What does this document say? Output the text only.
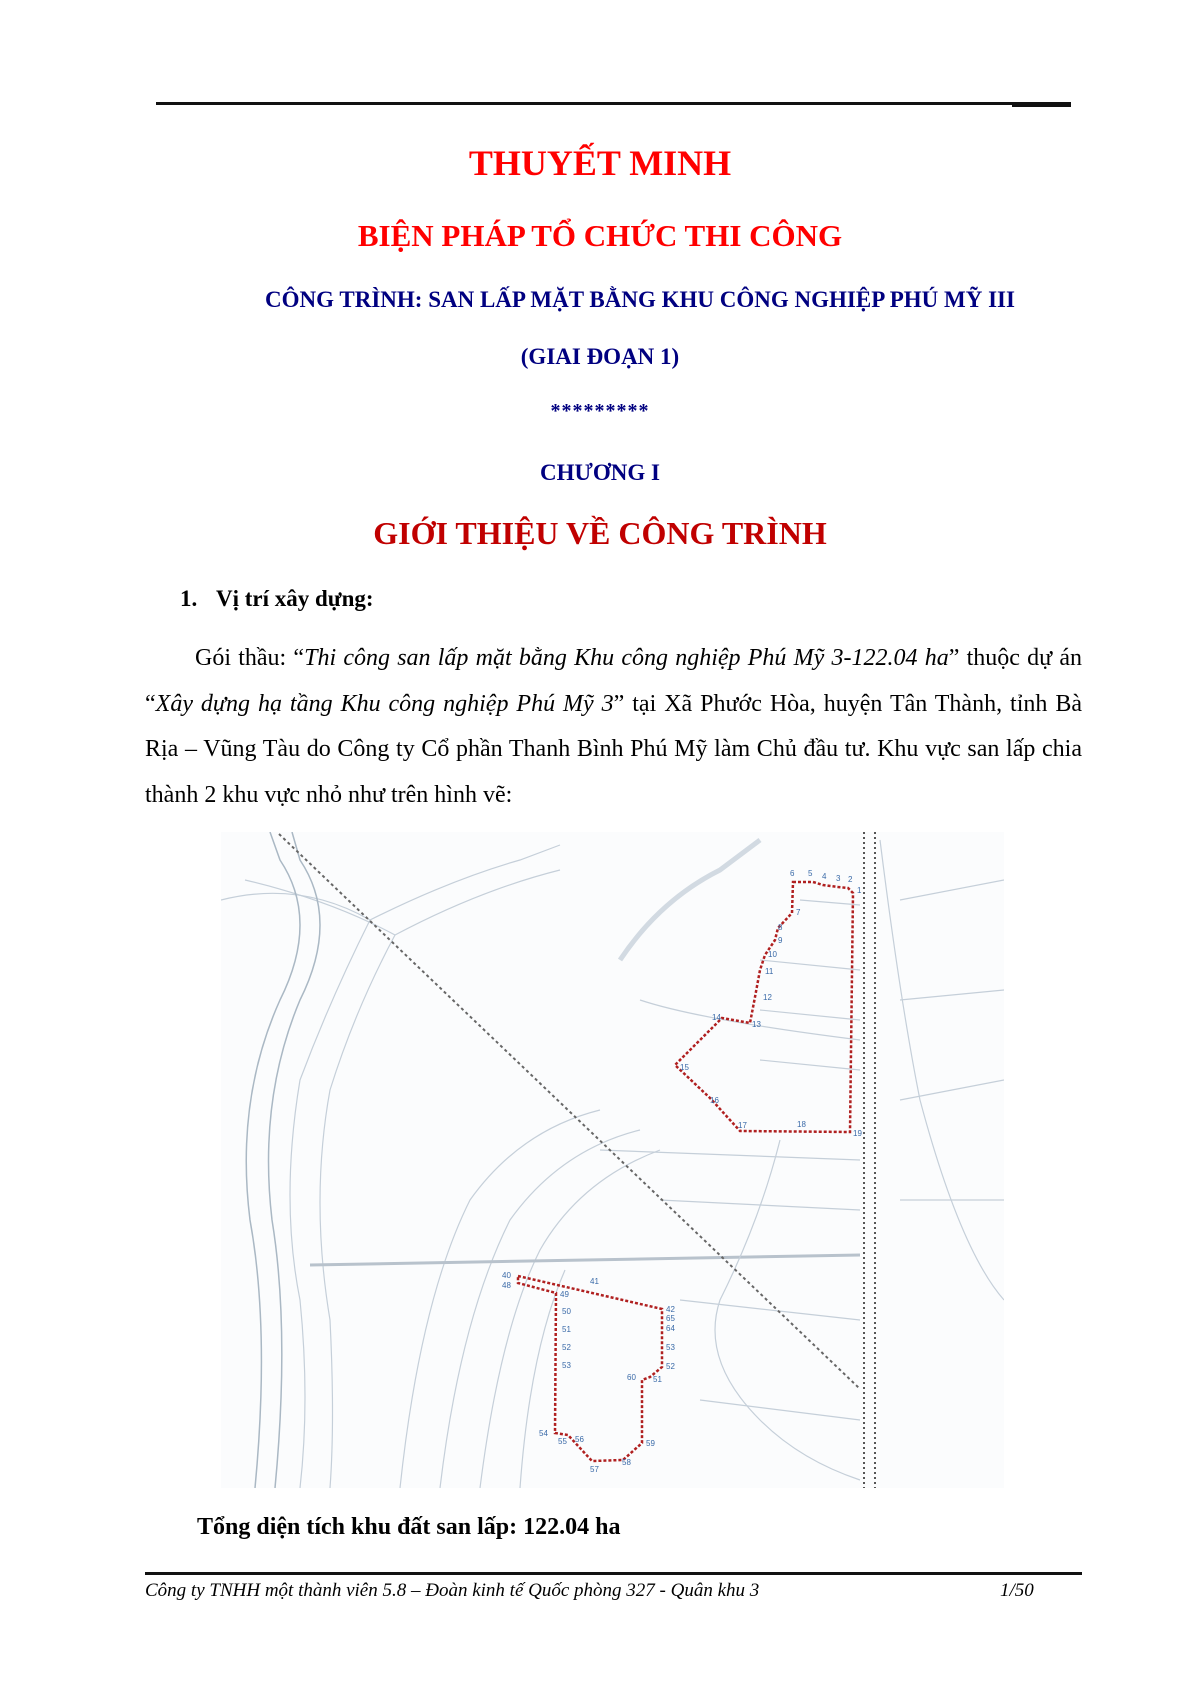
THUYẾT MINH
BIỆN PHÁP TỔ CHỨC THI CÔNG
CÔNG TRÌNH: SAN LẤP MẶT BẰNG KHU CÔNG NGHIỆP PHÚ MỸ III
(GIAI ĐOẠN 1)
*********
CHƯƠNG I
GIỚI THIỆU VỀ CÔNG TRÌNH
1. Vị trí xây dựng:
Gói thầu: “Thi công san lấp mặt bằng Khu công nghiệp Phú Mỹ 3-122.04 ha” thuộc dự án “Xây dựng hạ tầng Khu công nghiệp Phú Mỹ 3” tại Xã Phước Hòa, huyện Tân Thành, tỉnh Bà Rịa – Vũng Tàu do Công ty Cổ phần Thanh Bình Phú Mỹ làm Chủ đầu tư. Khu vực san lấp chia thành 2 khu vực nhỏ như trên hình vẽ:
1
2
3
4
5
6
7
8
9
10
11
12
13
14
15
16
17	18
19
40
48
49
41
42
65
64
53
52
51
60
50
51
52
53
54
55 56
57
58
59
Tổng diện tích khu đất san lấp: 122.04 ha
Công ty TNHH một thành viên 5.8 – Đoàn kinh tế Quốc phòng 327 - Quân khu 3	1/50
